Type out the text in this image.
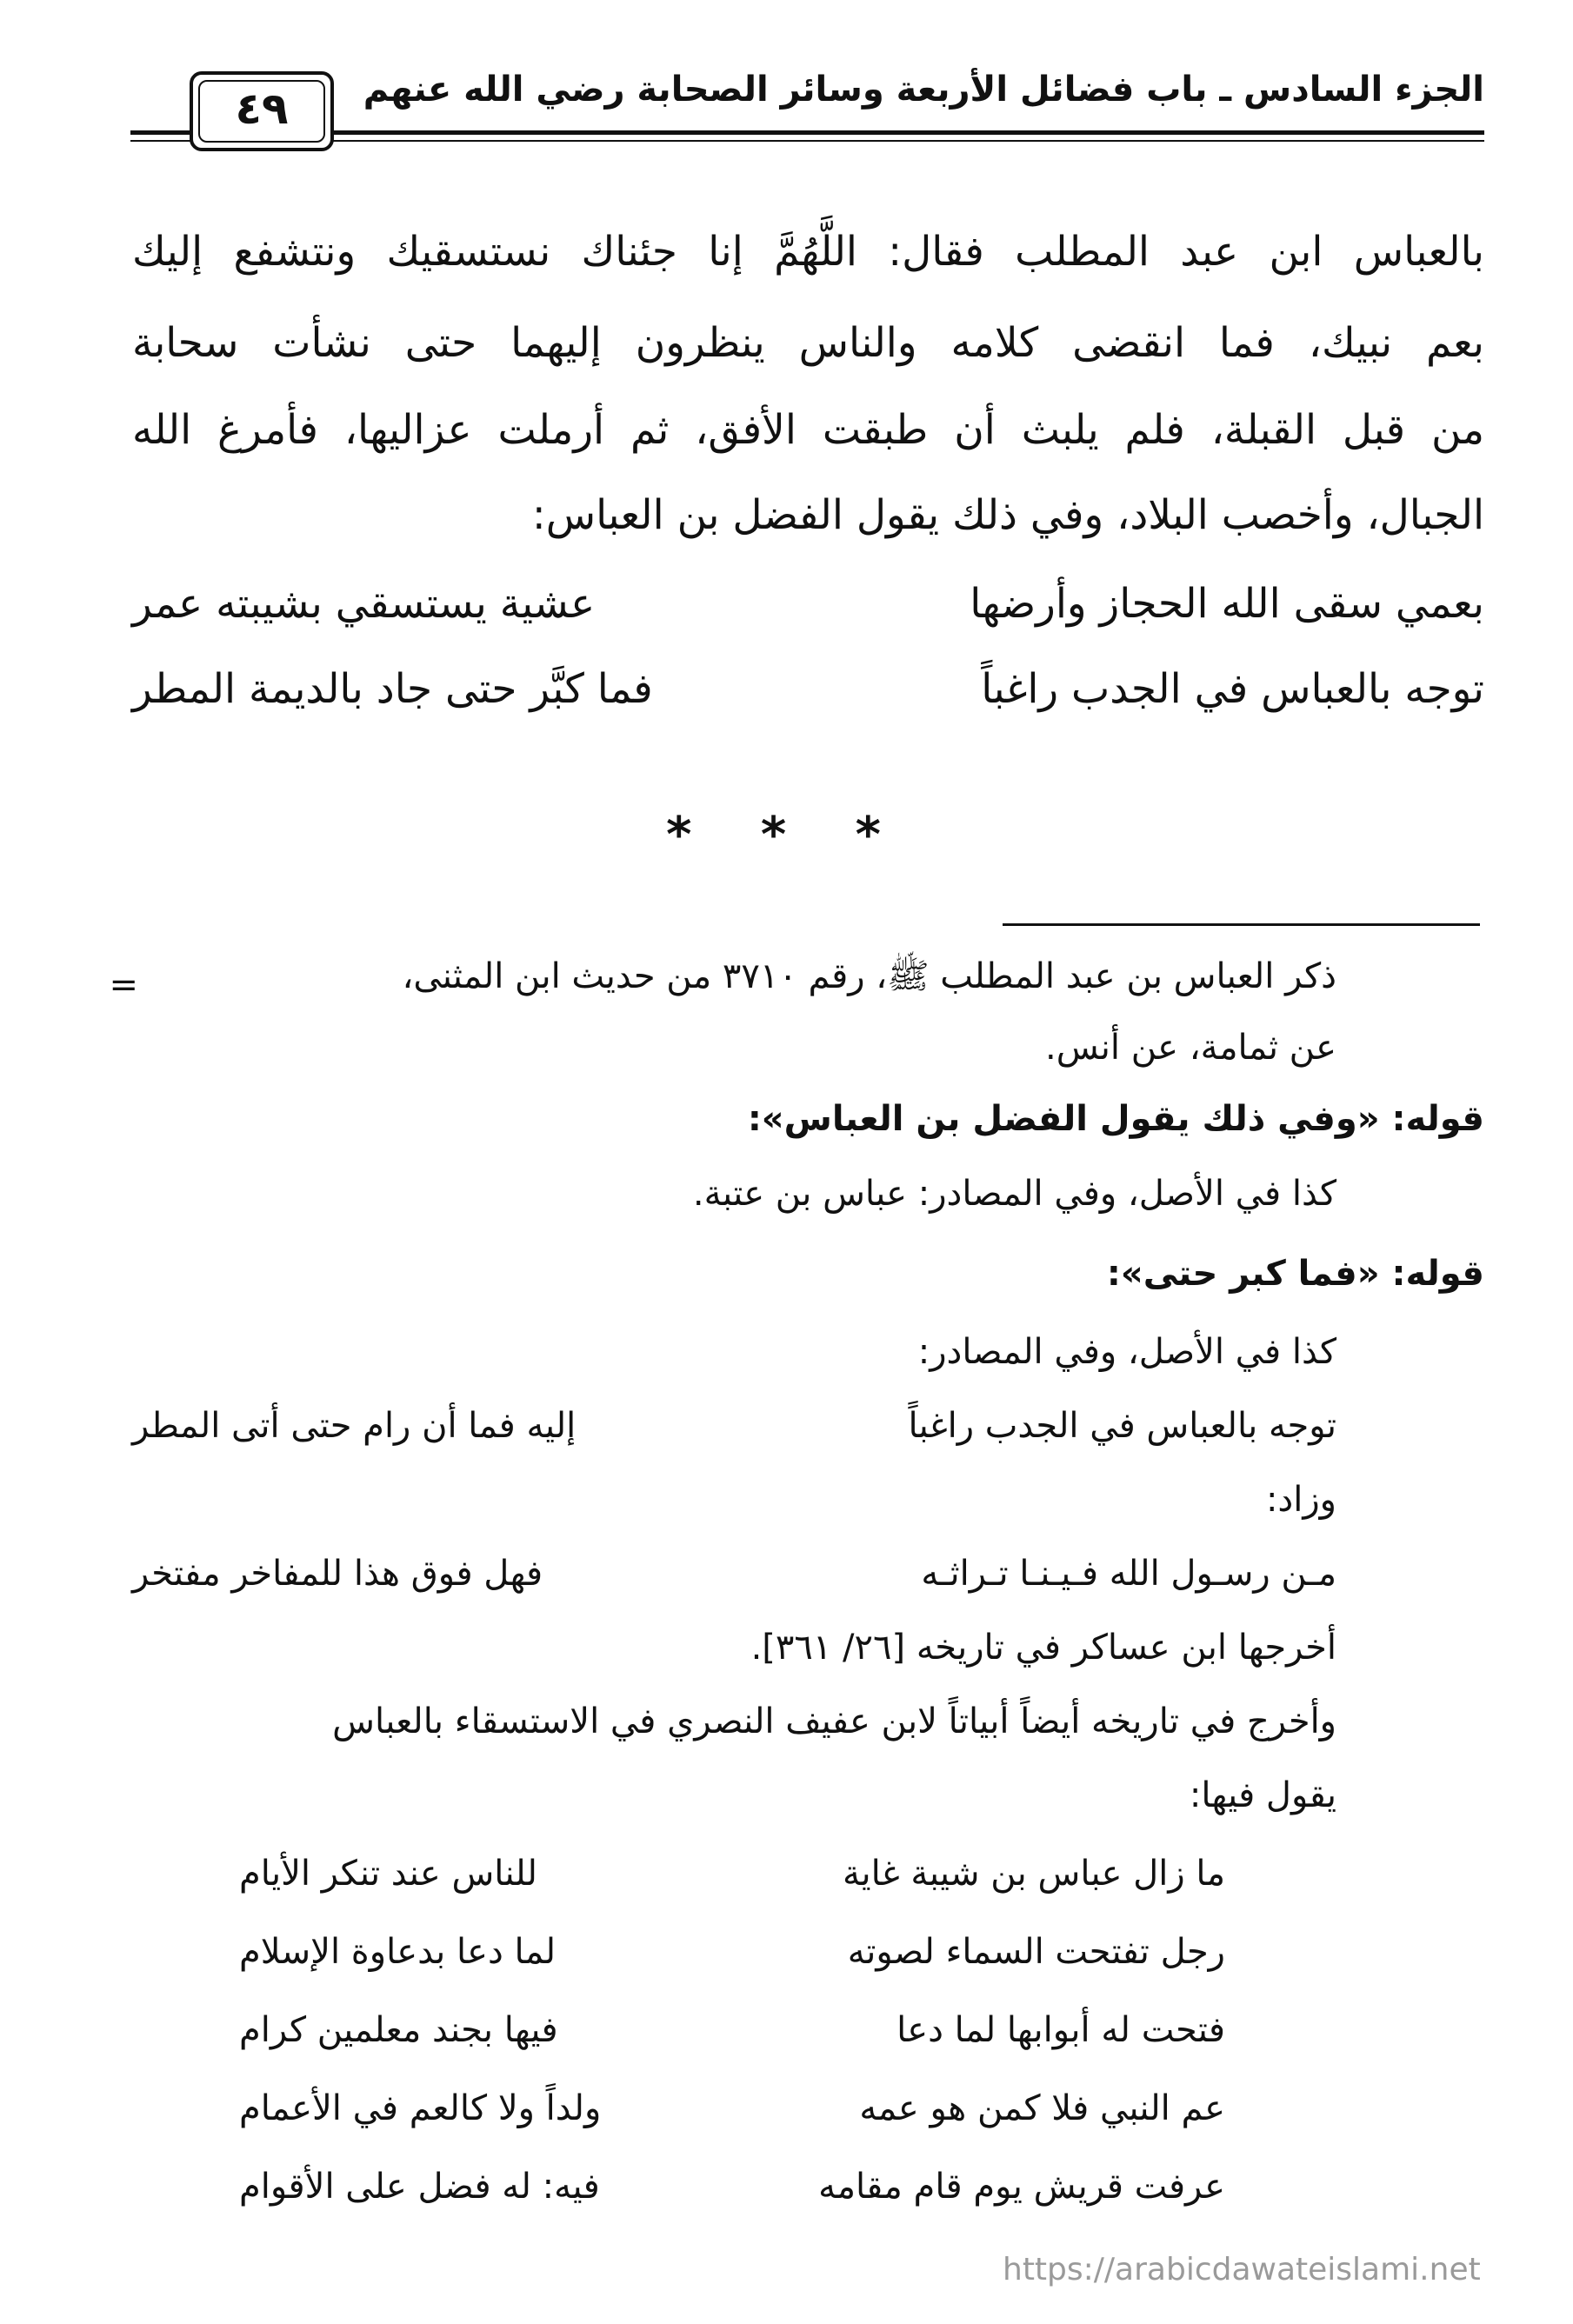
الجزء السادس ـ باب فضائل الأربعة وسائر الصحابة رضي الله عنهم
٤٩
بالعباس ابن عبد المطلب فقال: اللَّهُمَّ إنا جئناك نستسقيك ونتشفع إليك
بعم نبيك، فما انقضى كلامه والناس ينظرون إليهما حتى نشأت سحابة
من قبل القبلة، فلم يلبث أن طبقت الأفق، ثم أرملت عزاليها، فأمرغ الله
الجبال، وأخصب البلاد، وفي ذلك يقول الفضل بن العباس:
بعمي سقى الله الحجاز وأرضها
عشية يستسقي بشيبته عمر
توجه بالعباس في الجدب راغباً
فما كبَّر حتى جاد بالديمة المطر
* * *
=	ذكر العباس بن عبد المطلب ﷺ، رقم ٣٧١٠ من حديث ابن المثنى،
عن ثمامة، عن أنس.
قوله: «وفي ذلك يقول الفضل بن العباس»:
كذا في الأصل، وفي المصادر: عباس بن عتبة.
قوله: «فما كبر حتى»:
كذا في الأصل، وفي المصادر:
توجه بالعباس في الجدب راغباً
إليه فما أن رام حتى أتى المطر
وزاد:
مـن رسـول الله فـيـنـا تـراثـه
فهل فوق هذا للمفاخر مفتخر
أخرجها ابن عساكر في تاريخه [٢٦/ ٣٦١].
وأخرج في تاريخه أيضاً أبياتاً لابن عفيف النصري في الاستسقاء بالعباس
يقول فيها:
ما زال عباس بن شيبة غاية
للناس عند تنكر الأيام
رجل تفتحت السماء لصوته
لما دعا بدعاوة الإسلام
فتحت له أبوابها لما دعا
فيها بجند معلمين كرام
عم النبي فلا كمن هو عمه
ولداً ولا كالعم في الأعمام
عرفت قريش يوم قام مقامه
فيه: له فضل على الأقوام
https://arabicdawateislami.net
